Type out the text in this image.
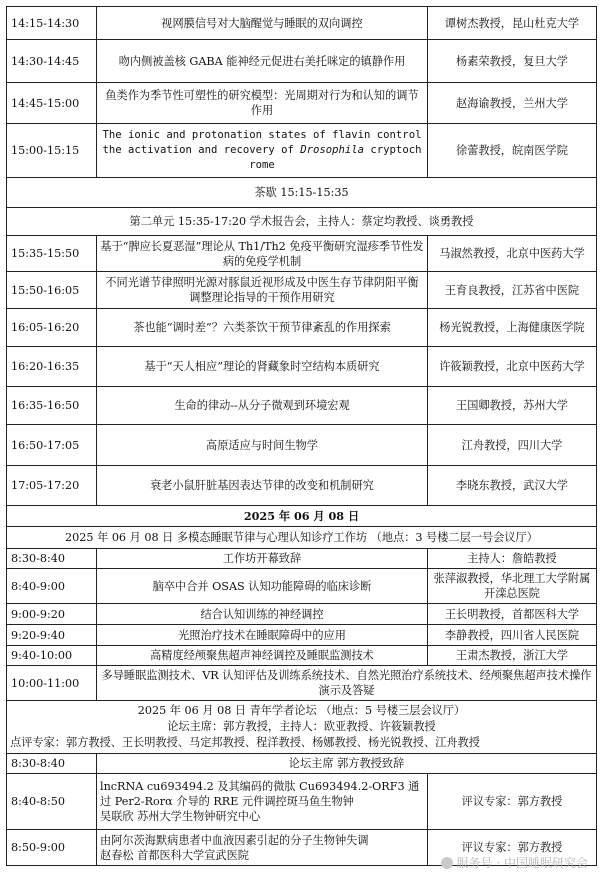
14:15-14:30	视网膜信号对大脑醒觉与睡眠的双向调控	谭树杰教授，昆山杜克大学
14:30-14:45	吻内侧被盖核 GABA 能神经元促进右美托咪定的镇静作用	杨素荣教授，复旦大学
14:45-15:00	鱼类作为季节性可塑性的研究模型：光周期对行为和认知的调节作用	赵海谕教授，兰州大学
15:00-15:15	The ionic and protonation states of flavin control the activation and recovery of Drosophila cryptochrome	徐蕾教授，皖南医学院
茶歇 15:15-15:35		
第二单元 15:35-17:20 学术报告会，主持人：蔡定均教授、谈勇教授		
15:35-15:50	基于“脾应长夏恶湿”理论从 Th1/Th2 免疫平衡研究湿疹季节性发病的免疫学机制	马淑然教授，北京中医药大学
15:50-16:05	不同光谱节律照明光源对豚鼠近视形成及中医生存节律阴阳平衡调整理论指导的干预作用研究	王育良教授，江苏省中医院
16:05-16:20	茶也能“调时差”？六类茶饮干预节律紊乱的作用探索	杨光锐教授，上海健康医学院
16:20-16:35	基于“天人相应”理论的肾藏象时空结构本质研究	许筱颖教授，北京中医药大学
16:35-16:50	生命的律动--从分子微观到环境宏观	王国卿教授，苏州大学
16:50-17:05	高原适应与时间生物学	江舟教授，四川大学
17:05-17:20	衰老小鼠肝脏基因表达节律的改变和机制研究	李晓东教授，武汉大学
2025 年 06 月 08 日		
2025 年 06 月 08 日 多模态睡眠节律与心理认知诊疗工作坊 （地点：3 号楼二层一号会议厅）		
8:30-8:40	工作坊开幕致辞	主持人：詹皓教授
8:40-9:00	脑卒中合并 OSAS 认知功能障碍的临床诊断	张萍淑教授，华北理工大学附属开滦总医院
9:00-9:20	结合认知训练的神经调控	王长明教授，首都医科大学
9:20-9:40	光照治疗技术在睡眠障碍中的应用	李静教授，四川省人民医院
9:40-10:00	高精度经颅聚焦超声神经调控及睡眠监测技术	王肃杰教授，浙江大学
10:00-11:00	多导睡眠监测技术、VR 认知评估及训练系统技术、自然光照治疗系统技术、经颅聚焦超声技术操作演示及答疑	

2025 年 06 月 08 日 青年学者论坛 （地点：5 号楼三层会议厅）
论坛主席：郭方教授，主持人：欧亚教授、许筱颖教授
点评专家：郭方教授、王长明教授、马定邦教授、程洋教授、杨娜教授、杨光锐教授、江舟教授		

8:30-8:40	论坛主席 郭方教授致辞	
8:40-8:50	lncRNA cu693494.2 及其编码的微肽 Cu693494.2-ORF3 通过 Per2-Rorα 介导的 RRE 元件调控斑马鱼生物钟
吴联欣 苏州大学生物钟研究中心	评议专家：郭方教授
8:50-9:00	由阿尔茨海默病患者中血液因素引起的分子生物钟失调
赵春松 首都医科大学宣武医院	评议专家：郭方教授
服务号 · 中国睡眠研究会
